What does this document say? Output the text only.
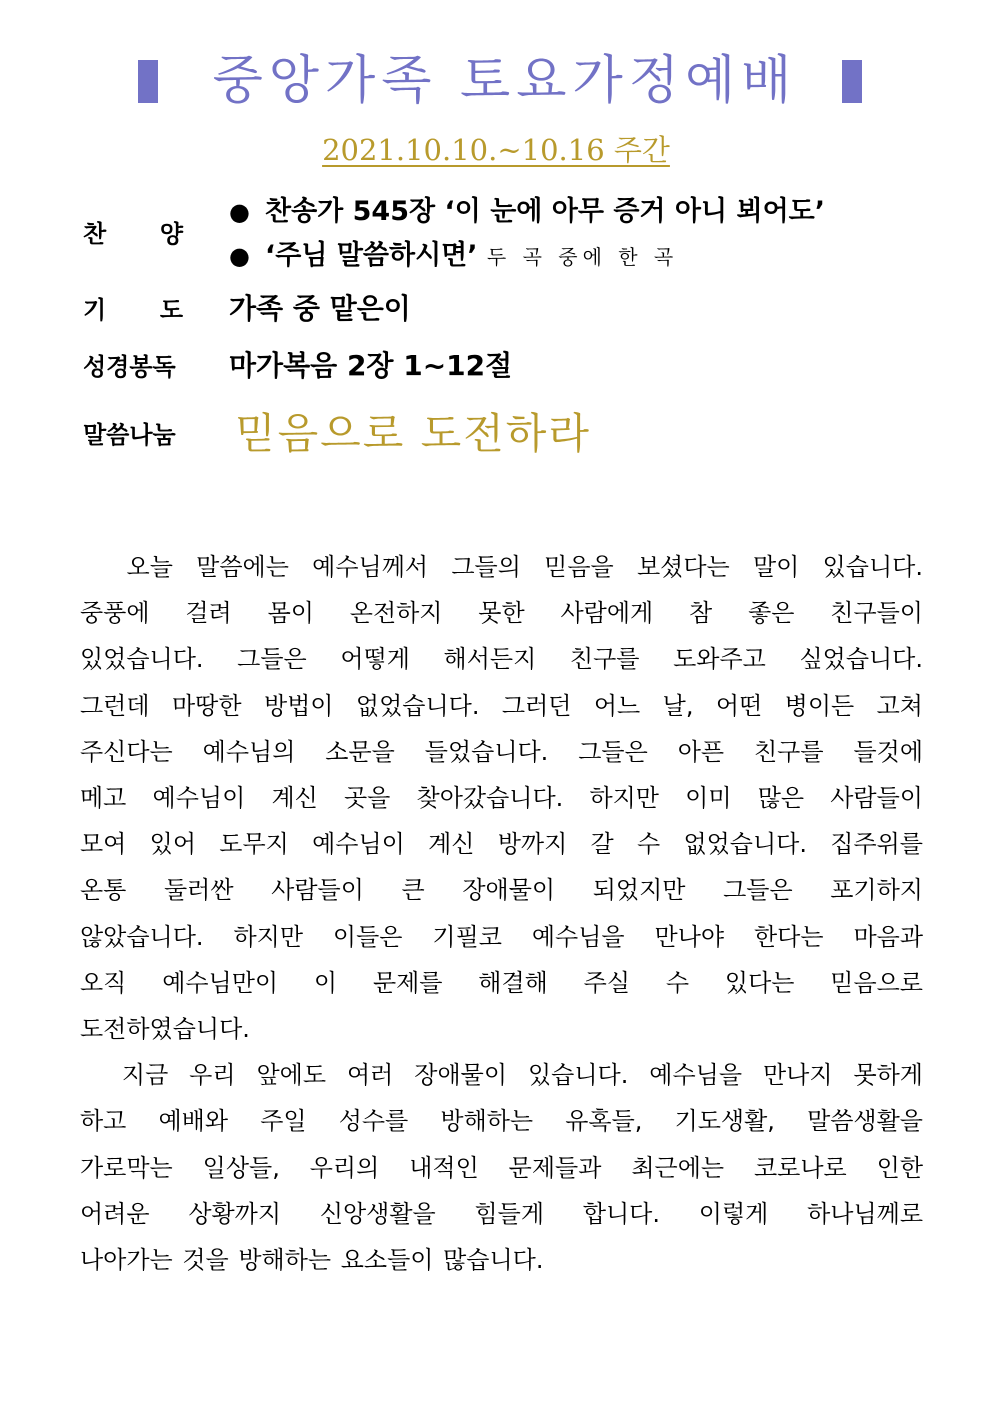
중앙가족 토요가정예배
2021.10.10.~10.16 주간
찬 양
● 찬송가 545장 ‘이 눈에 아무 증거 아니 뵈어도’
● ‘주님 말씀하시면’ 두 곡 중에 한 곡
기 도 가족 중 맡은이
성경봉독 마가복음 2장 1~12절
말씀나눔 믿음으로 도전하라

오늘 말씀에는 예수님께서 그들의 믿음을 보셨다는 말이 있습니다.
중풍에 걸려 몸이 온전하지 못한 사람에게 참 좋은 친구들이
있었습니다. 그들은 어떻게 해서든지 친구를 도와주고 싶었습니다.
그런데 마땅한 방법이 없었습니다. 그러던 어느 날, 어떤 병이든 고쳐
주신다는 예수님의 소문을 들었습니다. 그들은 아픈 친구를 들것에
메고 예수님이 계신 곳을 찾아갔습니다. 하지만 이미 많은 사람들이
모여 있어 도무지 예수님이 계신 방까지 갈 수 없었습니다. 집주위를
온통 둘러싼 사람들이 큰 장애물이 되었지만 그들은 포기하지
않았습니다. 하지만 이들은 기필코 예수님을 만나야 한다는 마음과
오직 예수님만이 이 문제를 해결해 주실 수 있다는 믿음으로
도전하였습니다.

지금 우리 앞에도 여러 장애물이 있습니다. 예수님을 만나지 못하게
하고 예배와 주일 성수를 방해하는 유혹들, 기도생활, 말씀생활을
가로막는 일상들, 우리의 내적인 문제들과 최근에는 코로나로 인한
어려운 상황까지 신앙생활을 힘들게 합니다. 이렇게 하나님께로
나아가는 것을 방해하는 요소들이 많습니다.
